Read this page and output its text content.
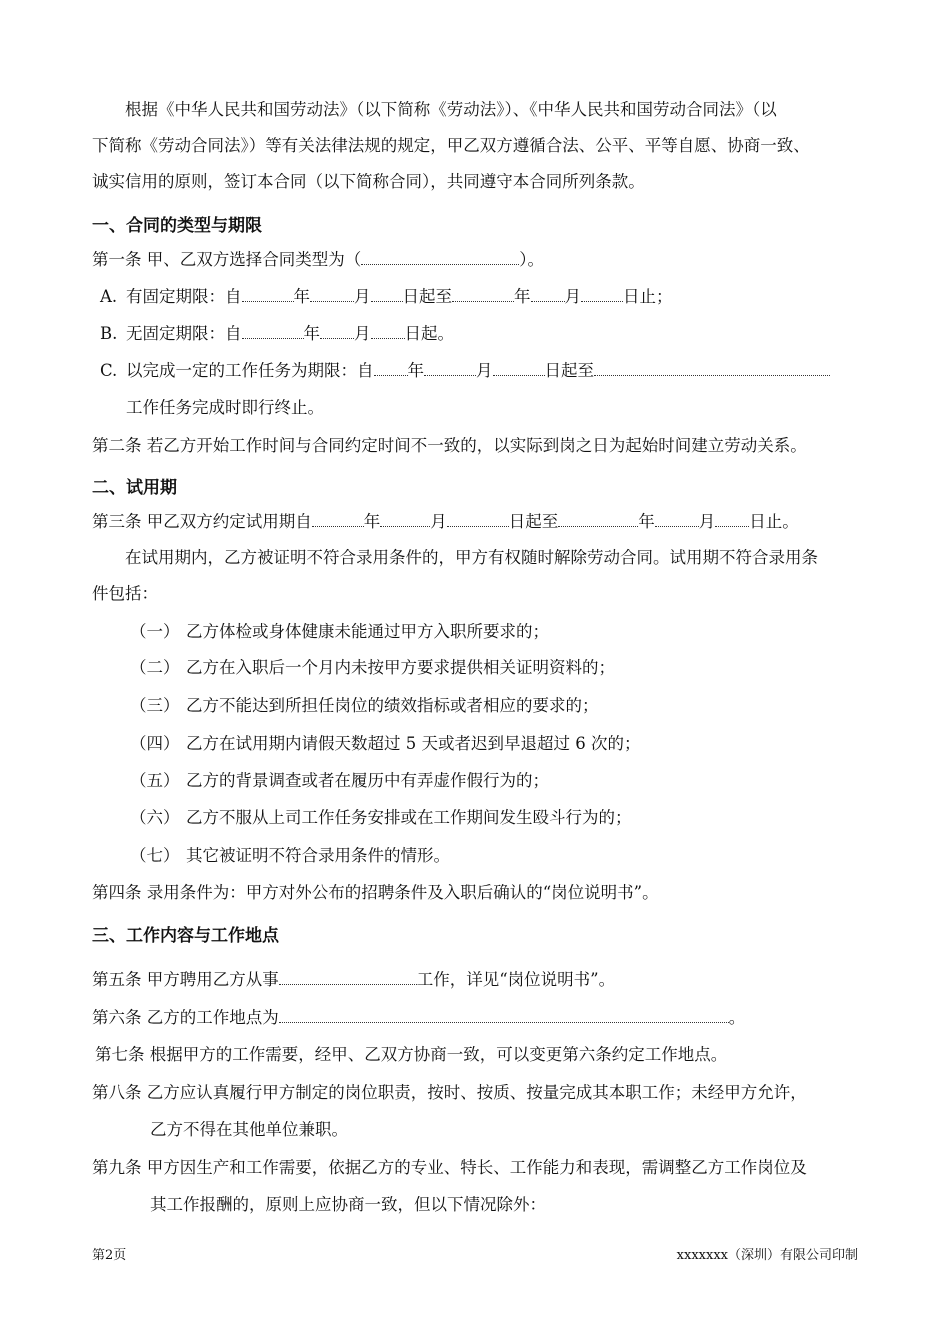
根据《中华人民共和国劳动法》（以下简称《劳动法》）、《中华人民共和国劳动合同法》（以
下简称《劳动合同法》）等有关法律法规的规定，甲乙双方遵循合法、公平、平等自愿、协商一致、
诚实信用的原则，签订本合同（以下简称合同），共同遵守本合同所列条款。
一、合同的类型与期限
第一条 甲、乙双方选择合同类型为（	）。
A. 有固定期限：自	年	月 日起至	年 月	日止；
B. 无固定期限：自	年 月 日起。
C. 以完成一定的工作任务为期限：自 年	月	日起至
工作任务完成时即行终止。
第二条 若乙方开始工作时间与合同约定时间不一致的，以实际到岗之日为起始时间建立劳动关系。
二、试用期
第三条 甲乙双方约定试用期自	年	月	日起至	年	月 日止。
在试用期内，乙方被证明不符合录用条件的，甲方有权随时解除劳动合同。试用期不符合录用条
件包括：
（一） 乙方体检或身体健康未能通过甲方入职所要求的；
（二） 乙方在入职后一个月内未按甲方要求提供相关证明资料的；
（三） 乙方不能达到所担任岗位的绩效指标或者相应的要求的；
（四） 乙方在试用期内请假天数超过 5 天或者迟到早退超过 6 次的；
（五） 乙方的背景调查或者在履历中有弄虚作假行为的；
（六） 乙方不服从上司工作任务安排或在工作期间发生殴斗行为的；
（七） 其它被证明不符合录用条件的情形。
第四条 录用条件为：甲方对外公布的招聘条件及入职后确认的“岗位说明书”。
三、工作内容与工作地点
第五条 甲方聘用乙方从事	工作，详见“岗位说明书”。
第六条 乙方的工作地点为	。
第七条 根据甲方的工作需要，经甲、乙双方协商一致，可以变更第六条约定工作地点。
第八条 乙方应认真履行甲方制定的岗位职责，按时、按质、按量完成其本职工作；未经甲方允许，
乙方不得在其他单位兼职。
第九条 甲方因生产和工作需要，依据乙方的专业、特长、工作能力和表现，需调整乙方工作岗位及
其工作报酬的，原则上应协商一致，但以下情况除外：
第2页	xxxxxxx（深圳）有限公司印制
